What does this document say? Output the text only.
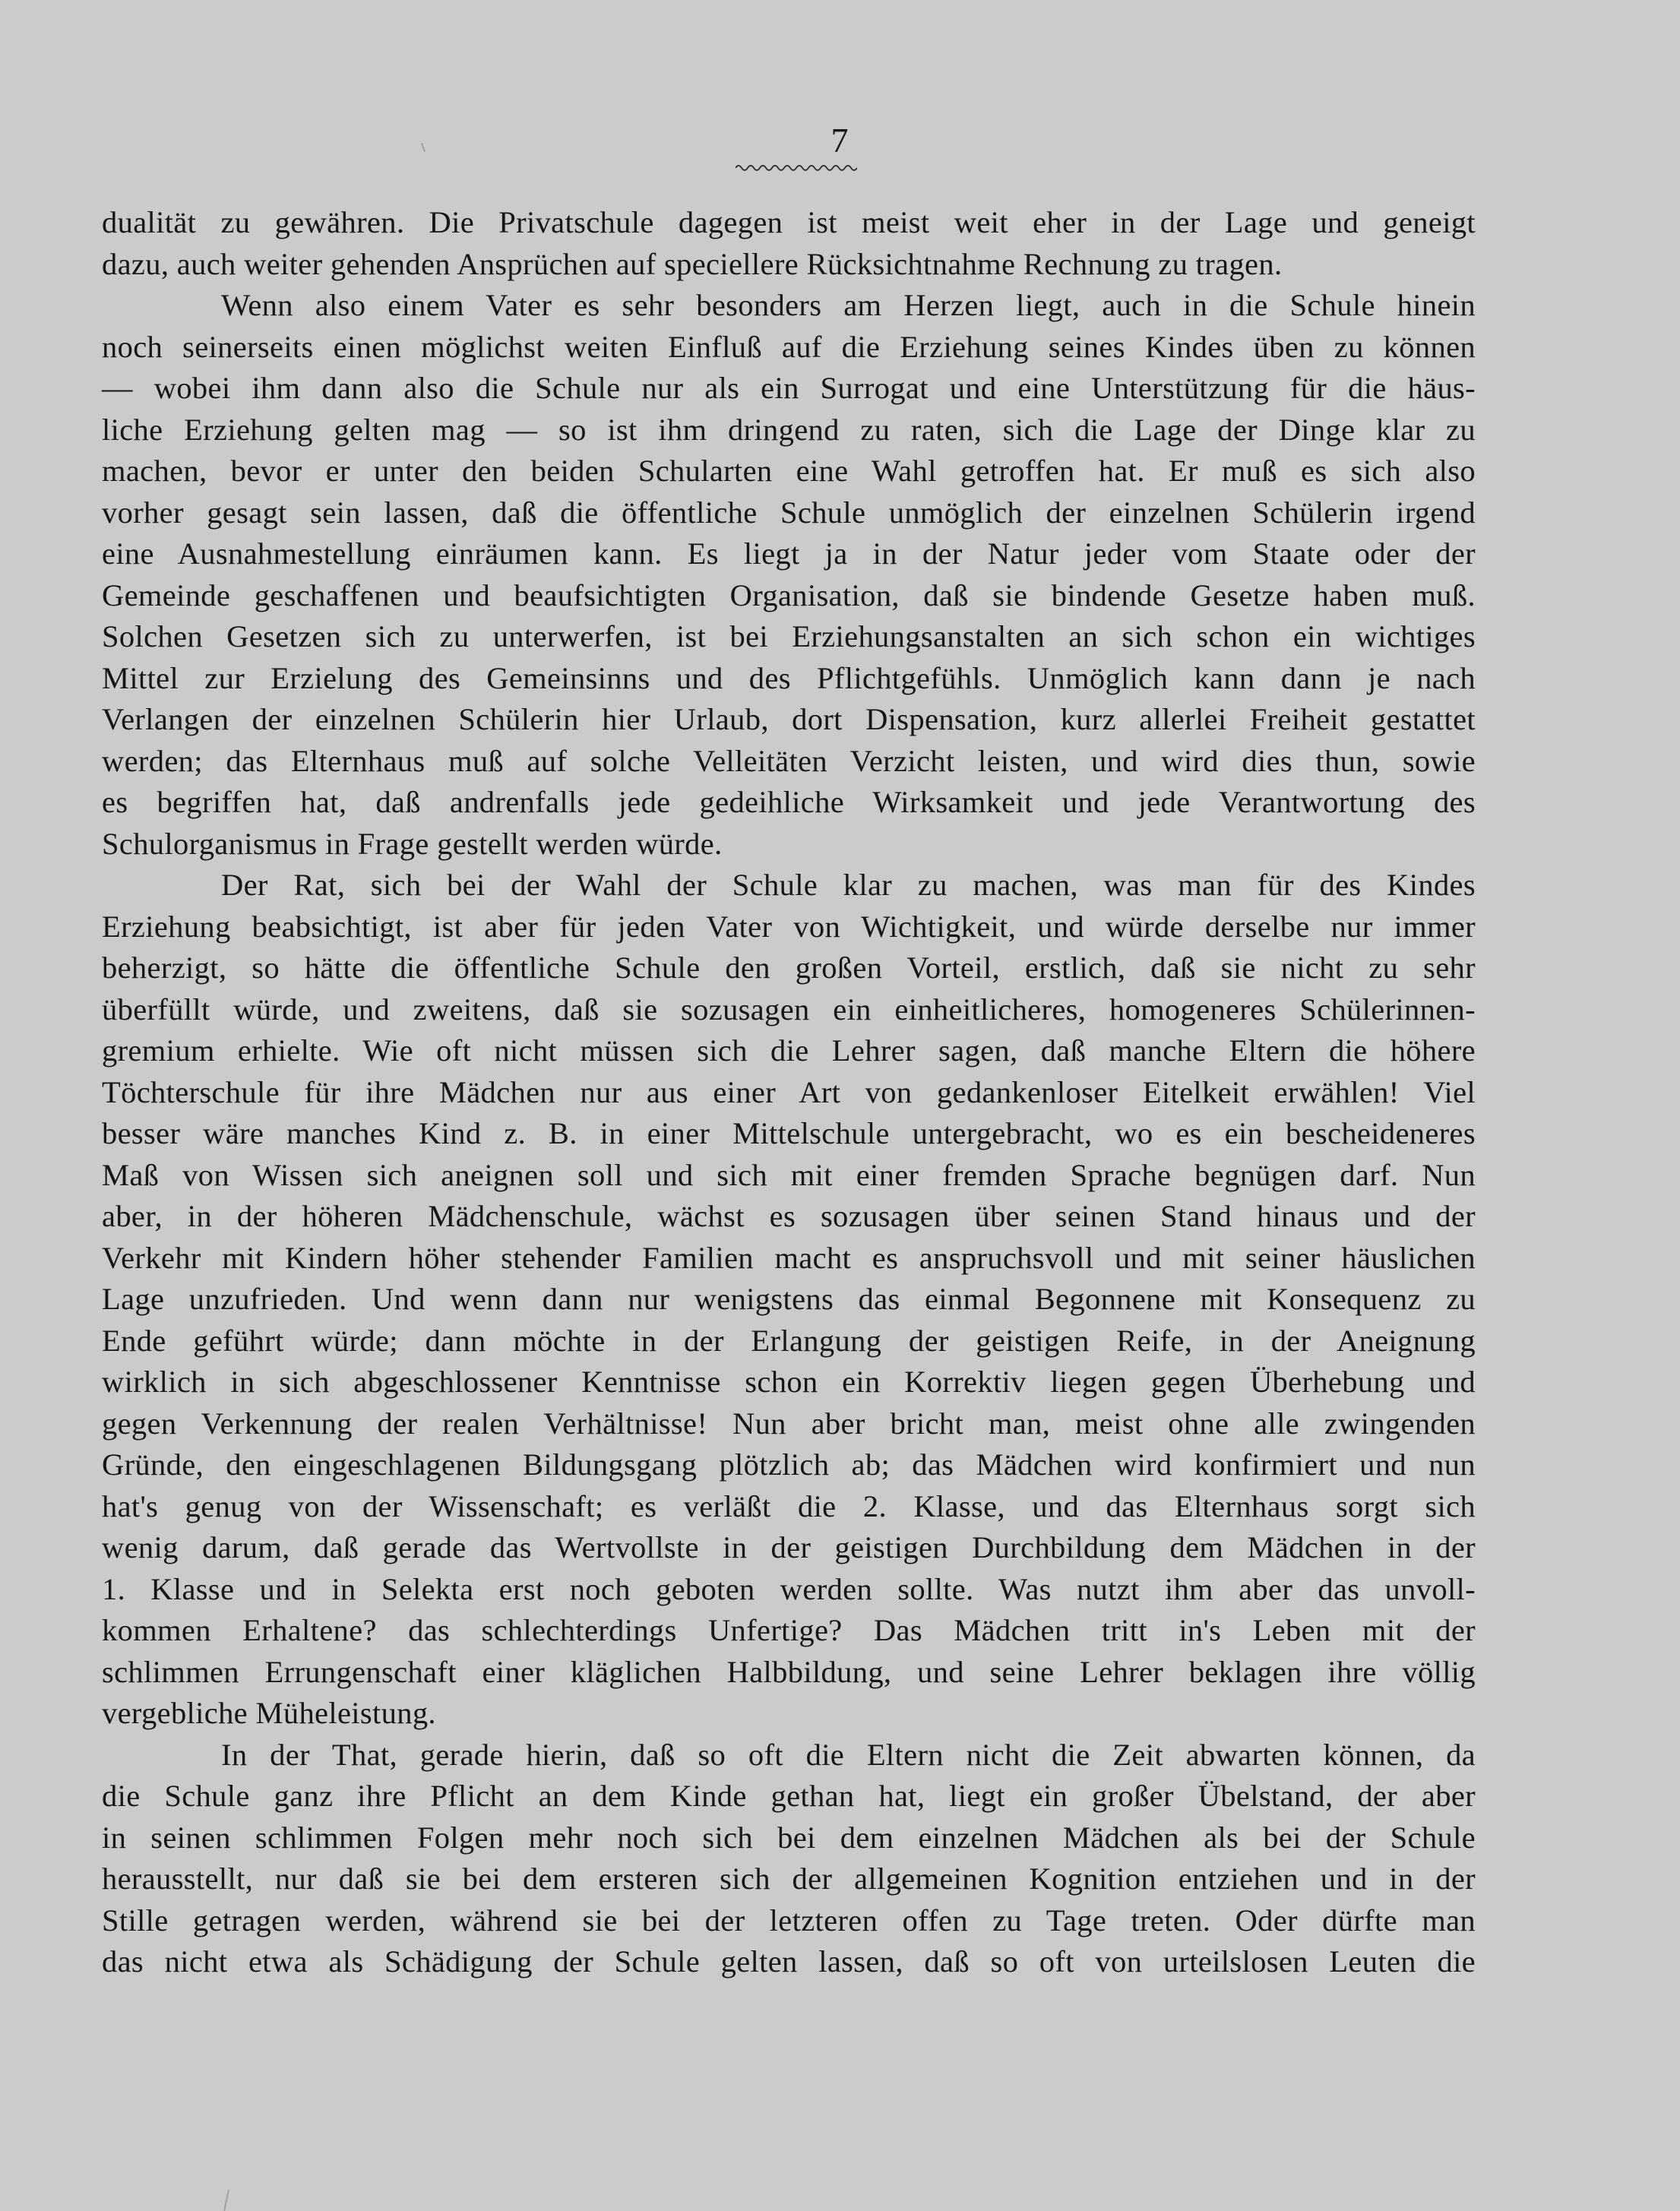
7

dualität zu gewähren. Die Privatschule dagegen ist meist weit eher in der Lage und geneigt
dazu, auch weiter gehenden Ansprüchen auf speciellere Rücksichtnahme Rechnung zu tragen.

Wenn also einem Vater es sehr besonders am Herzen liegt, auch in die Schule hinein
noch seinerseits einen möglichst weiten Einfluß auf die Erziehung seines Kindes üben zu können
— wobei ihm dann also die Schule nur als ein Surrogat und eine Unterstützung für die häus-
liche Erziehung gelten mag — so ist ihm dringend zu raten, sich die Lage der Dinge klar zu
machen, bevor er unter den beiden Schularten eine Wahl getroffen hat. Er muß es sich also
vorher gesagt sein lassen, daß die öffentliche Schule unmöglich der einzelnen Schülerin irgend
eine Ausnahmestellung einräumen kann. Es liegt ja in der Natur jeder vom Staate oder der
Gemeinde geschaffenen und beaufsichtigten Organisation, daß sie bindende Gesetze haben muß.
Solchen Gesetzen sich zu unterwerfen, ist bei Erziehungsanstalten an sich schon ein wichtiges
Mittel zur Erzielung des Gemeinsinns und des Pflichtgefühls. Unmöglich kann dann je nach
Verlangen der einzelnen Schülerin hier Urlaub, dort Dispensation, kurz allerlei Freiheit gestattet
werden; das Elternhaus muß auf solche Velleitäten Verzicht leisten, und wird dies thun, sowie
es begriffen hat, daß andrenfalls jede gedeihliche Wirksamkeit und jede Verantwortung des
Schulorganismus in Frage gestellt werden würde.

Der Rat, sich bei der Wahl der Schule klar zu machen, was man für des Kindes
Erziehung beabsichtigt, ist aber für jeden Vater von Wichtigkeit, und würde derselbe nur immer
beherzigt, so hätte die öffentliche Schule den großen Vorteil, erstlich, daß sie nicht zu sehr
überfüllt würde, und zweitens, daß sie sozusagen ein einheitlicheres, homogeneres Schülerinnen-
gremium erhielte. Wie oft nicht müssen sich die Lehrer sagen, daß manche Eltern die höhere
Töchterschule für ihre Mädchen nur aus einer Art von gedankenloser Eitelkeit erwählen! Viel
besser wäre manches Kind z. B. in einer Mittelschule untergebracht, wo es ein bescheideneres
Maß von Wissen sich aneignen soll und sich mit einer fremden Sprache begnügen darf. Nun
aber, in der höheren Mädchenschule, wächst es sozusagen über seinen Stand hinaus und der
Verkehr mit Kindern höher stehender Familien macht es anspruchsvoll und mit seiner häuslichen
Lage unzufrieden. Und wenn dann nur wenigstens das einmal Begonnene mit Konsequenz zu
Ende geführt würde; dann möchte in der Erlangung der geistigen Reife, in der Aneignung
wirklich in sich abgeschlossener Kenntnisse schon ein Korrektiv liegen gegen Überhebung und
gegen Verkennung der realen Verhältnisse! Nun aber bricht man, meist ohne alle zwingenden
Gründe, den eingeschlagenen Bildungsgang plötzlich ab; das Mädchen wird konfirmiert und nun
hat's genug von der Wissenschaft; es verläßt die 2. Klasse, und das Elternhaus sorgt sich
wenig darum, daß gerade das Wertvollste in der geistigen Durchbildung dem Mädchen in der
1. Klasse und in Selekta erst noch geboten werden sollte. Was nutzt ihm aber das unvoll-
kommen Erhaltene? das schlechterdings Unfertige? Das Mädchen tritt in's Leben mit der
schlimmen Errungenschaft einer kläglichen Halbbildung, und seine Lehrer beklagen ihre völlig
vergebliche Müheleistung.

In der That, gerade hierin, daß so oft die Eltern nicht die Zeit abwarten können, da
die Schule ganz ihre Pflicht an dem Kinde gethan hat, liegt ein großer Übelstand, der aber
in seinen schlimmen Folgen mehr noch sich bei dem einzelnen Mädchen als bei der Schule
herausstellt, nur daß sie bei dem ersteren sich der allgemeinen Kognition entziehen und in der
Stille getragen werden, während sie bei der letzteren offen zu Tage treten. Oder dürfte man
das nicht etwa als Schädigung der Schule gelten lassen, daß so oft von urteilslosen Leuten die
